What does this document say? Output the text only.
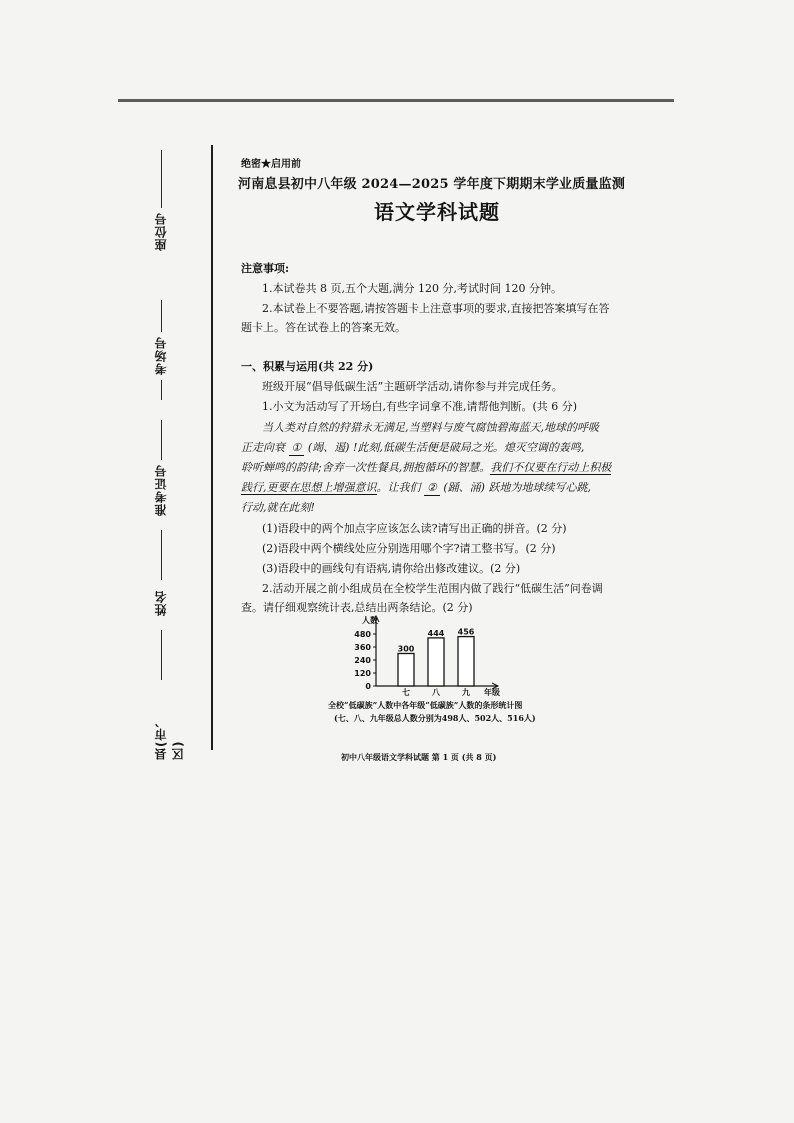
座位号
考场号
准考证号
姓名
县(市、区)

绝密★启用前
河南息县初中八年级 2024—2025 学年度下期期末学业质量监测
语文学科试题
注意事项:
1.本试卷共 8 页,五个大题,满分 120 分,考试时间 120 分钟。
2.本试卷上不要答题,请按答题卡上注意事项的要求,直接把答案填写在答
题卡上。答在试卷上的答案无效。
一、积累与运用(共 22 分)
班级开展“倡导低碳生活”主题研学活动,请你参与并完成任务。
1.小文为活动写了开场白,有些字词拿不准,请帮他判断。(共 6 分)
当人类对自然的狩猎永无满足,当塑料与废气腐蚀碧海蓝天,地球的呼吸
正走向衰 ① (竭、遏) !此刻,低碳生活便是破局之光。熄灭空调的轰鸣,
聆听蝉鸣的韵律;舍弃一次性餐具,拥抱循环的智慧。我们不仅要在行动上积极
践行,更要在思想上增强意识。让我们 ② (踊、涌) 跃地为地球续写心跳,
行动,就在此刻!
(1)语段中的两个加点字应该怎么读?请写出正确的拼音。(2 分)
(2)语段中两个横线处应分别选用哪个字?请工整书写。(2 分)
(3)语段中的画线句有语病,请你给出修改建议。(2 分)
2.活动开展之前小组成员在全校学生范围内做了践行“低碳生活”问卷调
查。请仔细观察统计表,总结出两条结论。(2 分)
人数
0
120
240
360
480
300
七
444
八
456
九 年级
全校“低碳族”人数中各年级“低碳族”人数的条形统计图
(七、八、九年级总人数分别为498人、502人、516人)
初中八年级语文学科试题 第 1 页 (共 8 页)
